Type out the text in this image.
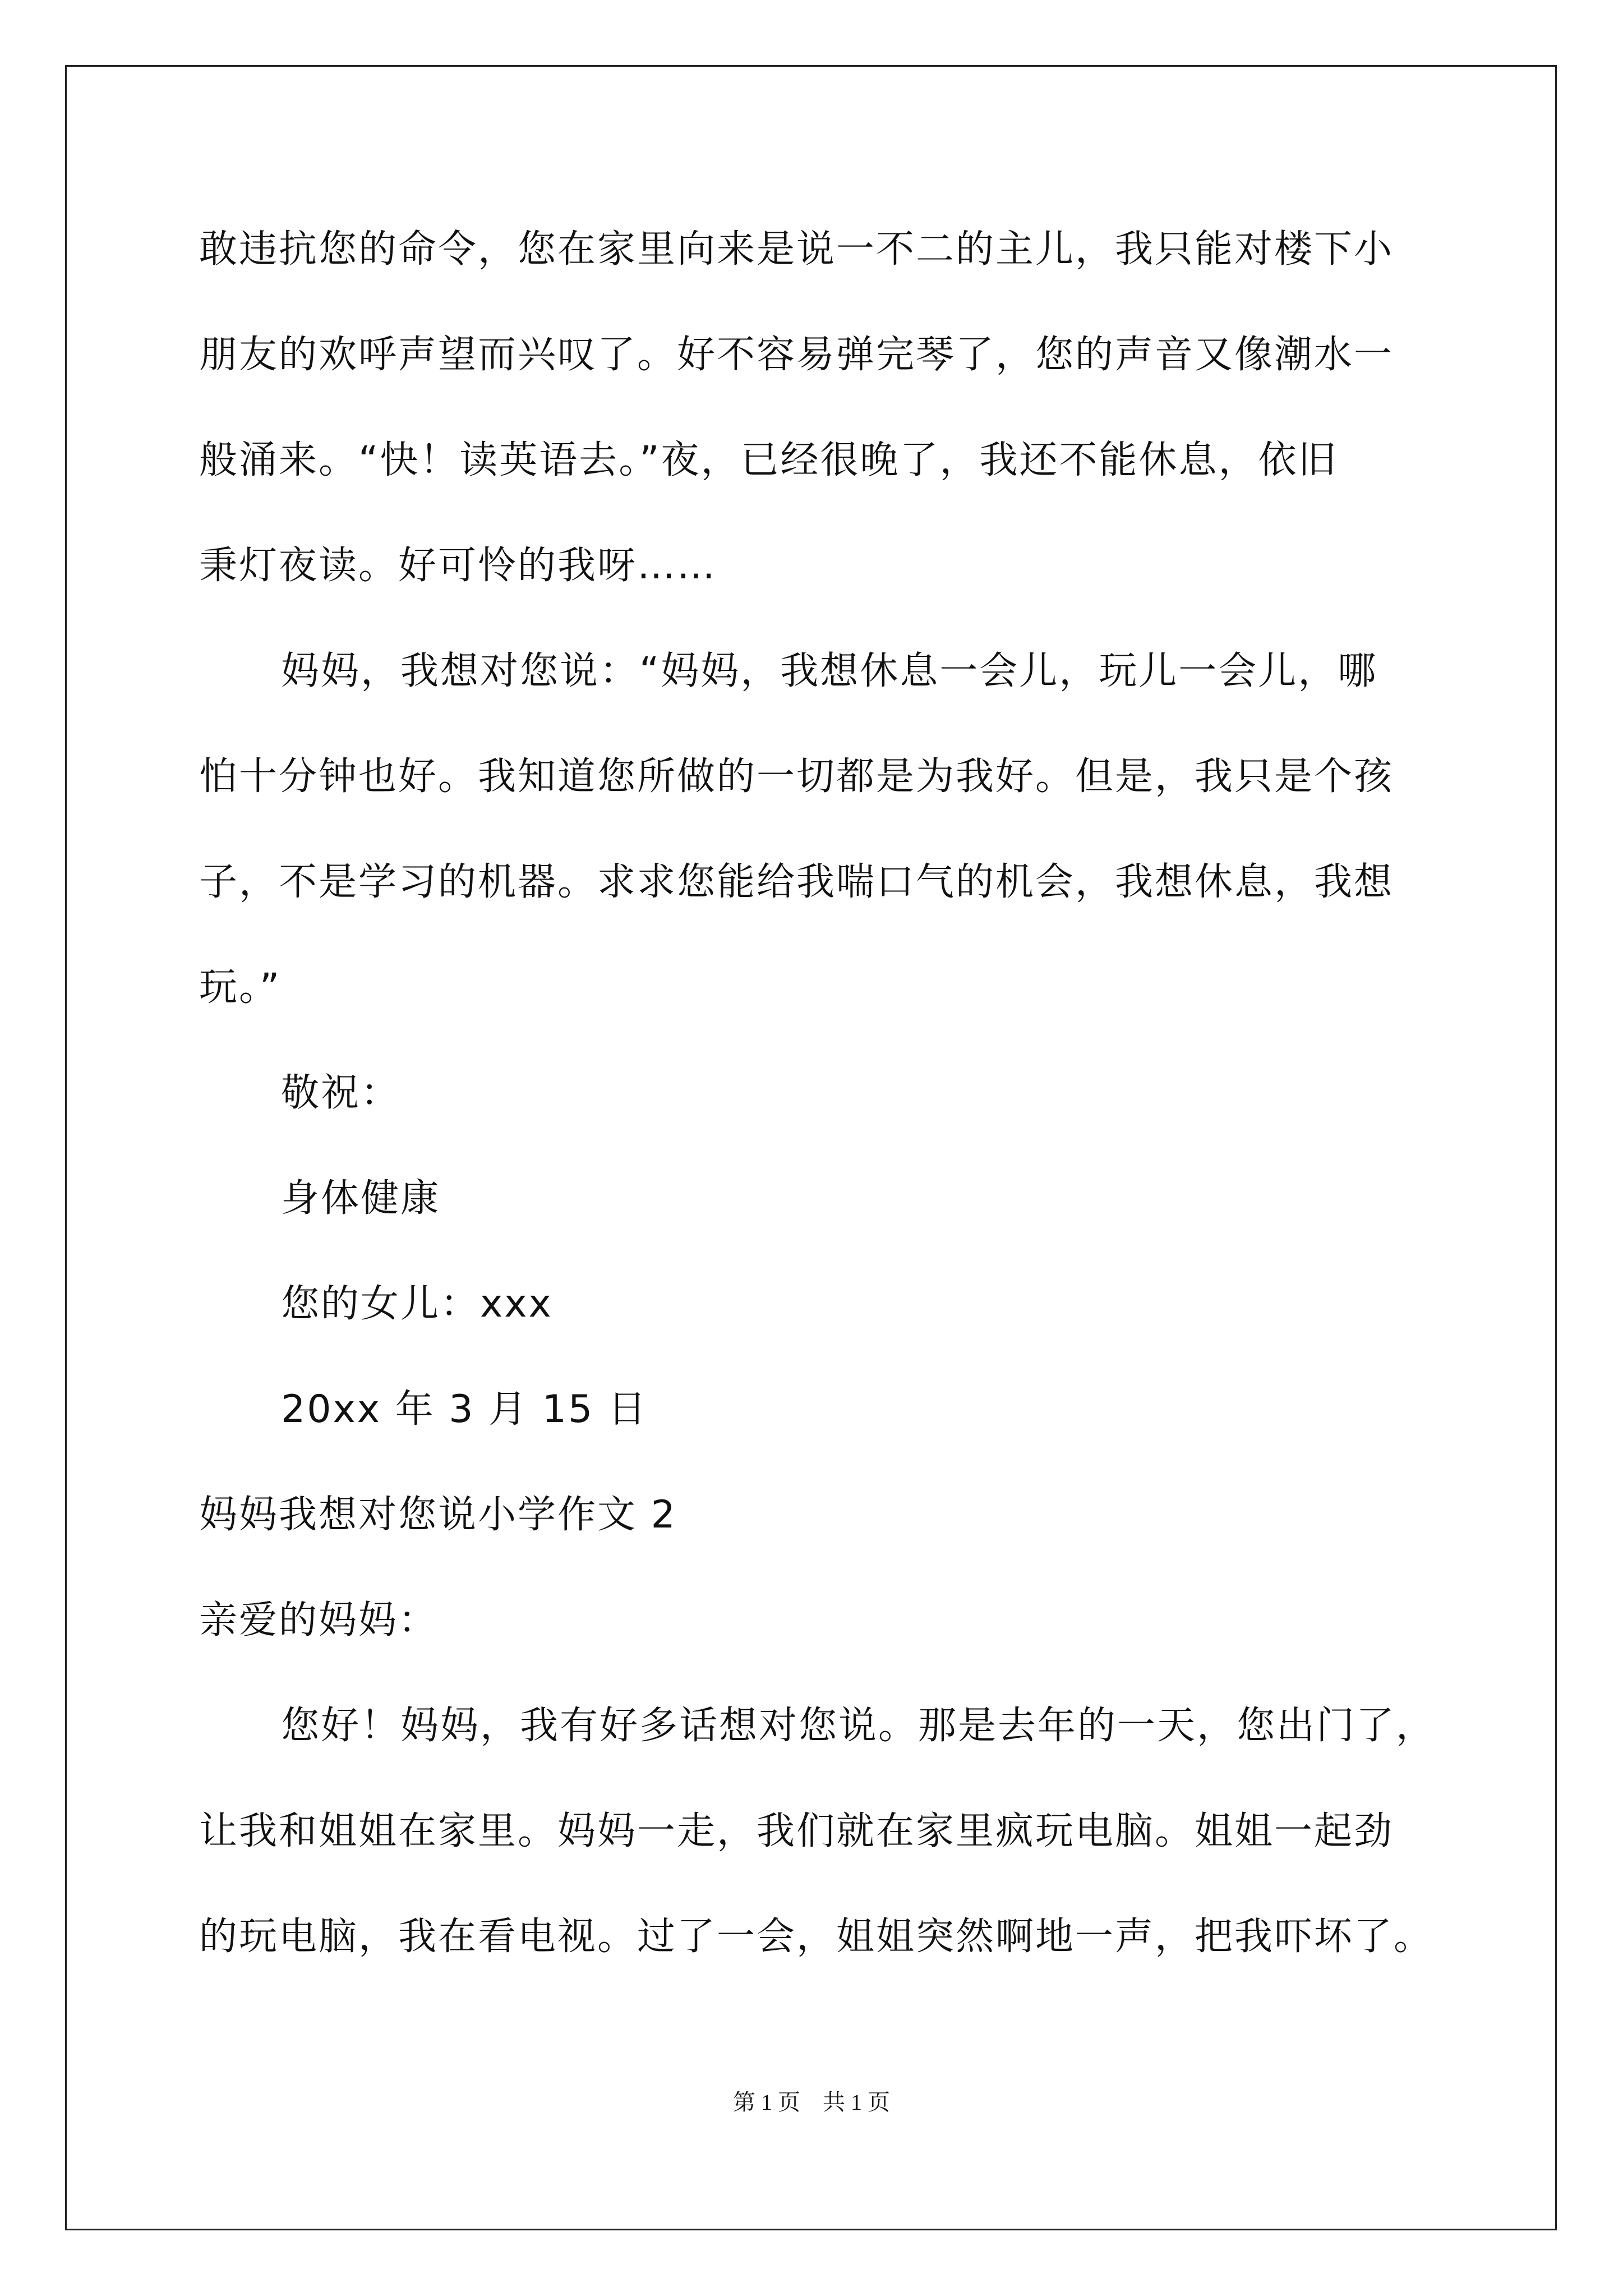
敢违抗您的命令，您在家里向来是说一不二的主儿，我只能对楼下小
朋友的欢呼声望而兴叹了。好不容易弹完琴了，您的声音又像潮水一
般涌来。“快！读英语去。”夜，已经很晚了，我还不能休息，依旧
秉灯夜读。好可怜的我呀……
妈妈，我想对您说：“妈妈，我想休息一会儿，玩儿一会儿，哪
怕十分钟也好。我知道您所做的一切都是为我好。但是，我只是个孩
子，不是学习的机器。求求您能给我喘口气的机会，我想休息，我想
玩。”
敬祝：
身体健康
您的女儿：xxx
20xx 年 3 月 15 日
妈妈我想对您说小学作文 2
亲爱的妈妈：
您好！妈妈，我有好多话想对您说。那是去年的一天，您出门了，
让我和姐姐在家里。妈妈一走，我们就在家里疯玩电脑。姐姐一起劲
的玩电脑，我在看电视。过了一会，姐姐突然啊地一声，把我吓坏了。
第 1 页　共 1 页
